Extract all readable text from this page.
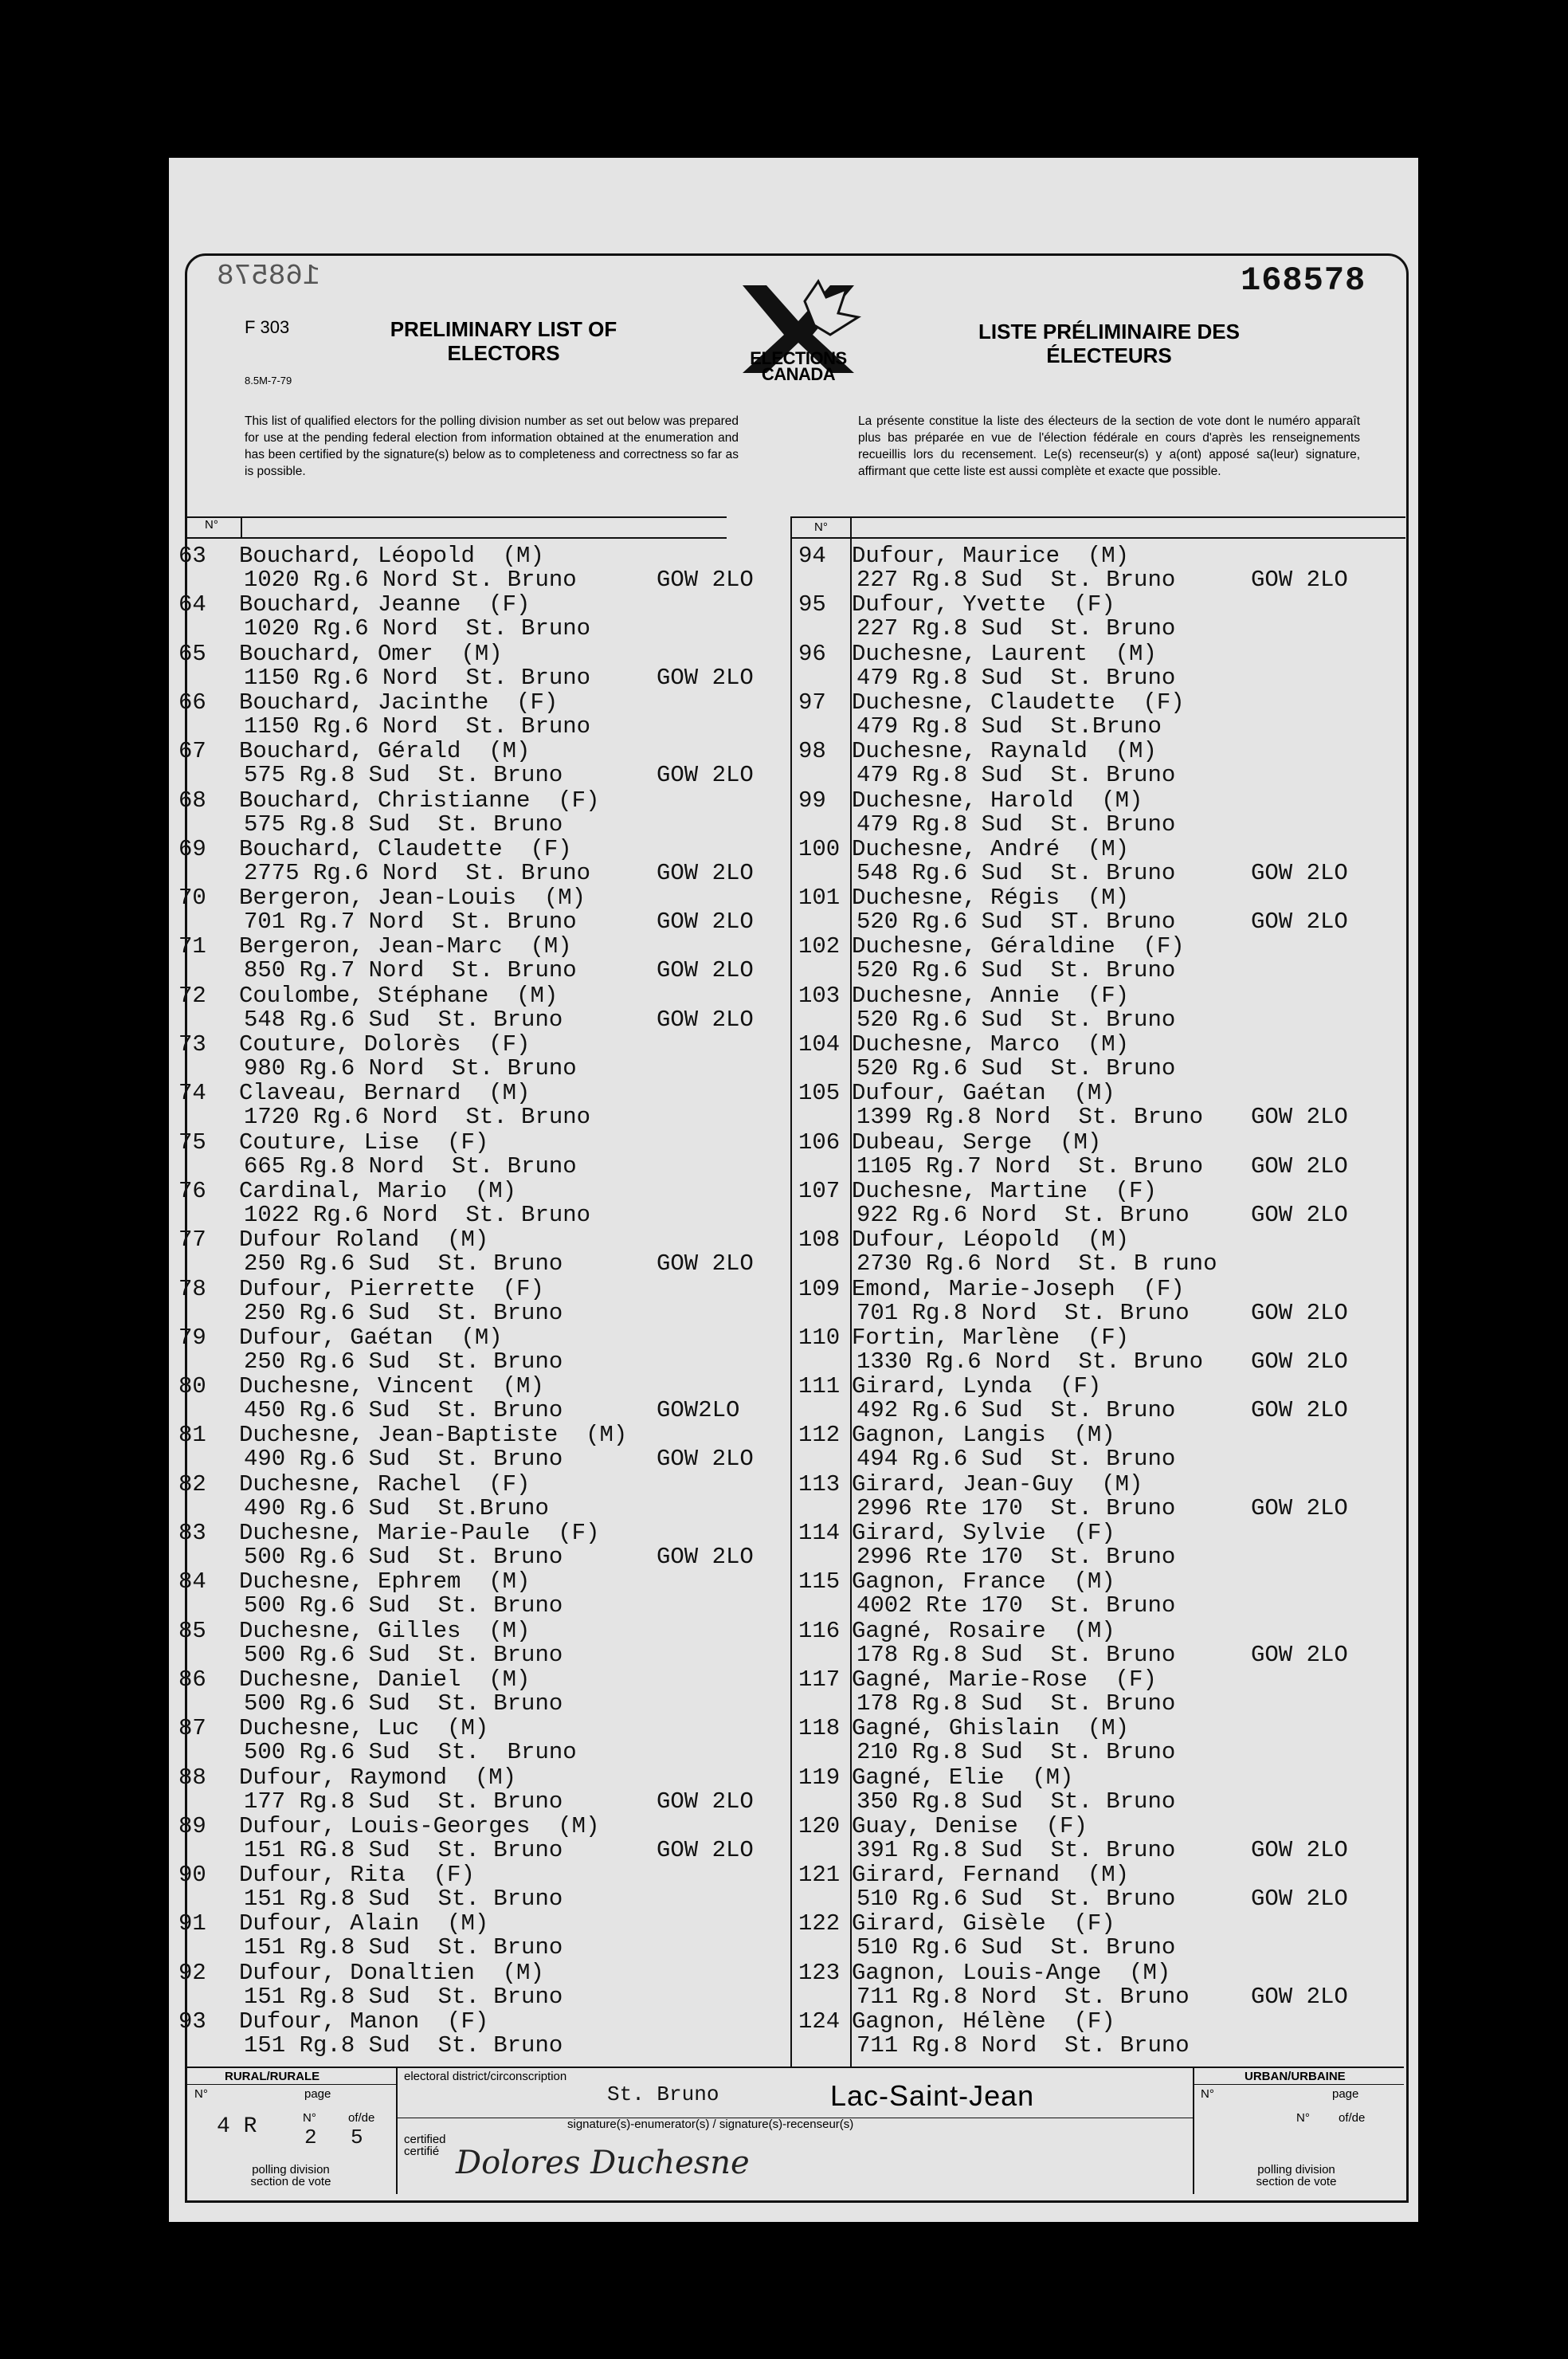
168578	168578
F 303
8.5M-7-79
PRELIMINARY LIST OF ELECTORS
LISTE PRÉLIMINAIRE DES ÉLECTEURS
ELECTIONS
CANADA
This list of qualified electors for the polling division number as set out below was prepared for use at the pending federal election from information obtained at the enumeration and has been certified by the signature(s) below as to completeness and correctness so far as is possible.
La présente constitue la liste des électeurs de la section de vote dont le numéro apparaît plus bas préparée en vue de l'élection fédérale en cours d'après les renseignements recueillis lors du recensement. Le(s) recenseur(s) y a(ont) apposé sa(leur) signature, affirmant que cette liste est aussi complète et exacte que possible.
N°	N°
63 Bouchard, Léopold  (M)
1020 Rg.6 Nord St. Bruno	GOW 2LO
64 Bouchard, Jeanne  (F)
1020 Rg.6 Nord  St. Bruno
65 Bouchard, Omer  (M)
1150 Rg.6 Nord  St. Bruno	GOW 2LO
66 Bouchard, Jacinthe  (F)
1150 Rg.6 Nord  St. Bruno
67 Bouchard, Gérald  (M)
575 Rg.8 Sud  St. Bruno	GOW 2LO
68 Bouchard, Christianne  (F)
575 Rg.8 Sud  St. Bruno
69 Bouchard, Claudette  (F)
2775 Rg.6 Nord  St. Bruno	GOW 2LO
70 Bergeron, Jean-Louis  (M)
701 Rg.7 Nord  St. Bruno	GOW 2LO
71 Bergeron, Jean-Marc  (M)
850 Rg.7 Nord  St. Bruno	GOW 2LO
72 Coulombe, Stéphane  (M)
548 Rg.6 Sud  St. Bruno	GOW 2LO
73 Couture, Dolorès  (F)
980 Rg.6 Nord  St. Bruno
74 Claveau, Bernard  (M)
1720 Rg.6 Nord  St. Bruno
75 Couture, Lise  (F)
665 Rg.8 Nord  St. Bruno
76 Cardinal, Mario  (M)
1022 Rg.6 Nord  St. Bruno
77 Dufour Roland  (M)
250 Rg.6 Sud  St. Bruno	GOW 2LO
78 Dufour, Pierrette  (F)
250 Rg.6 Sud  St. Bruno
79 Dufour, Gaétan  (M)
250 Rg.6 Sud  St. Bruno
80 Duchesne, Vincent  (M)
450 Rg.6 Sud  St. Bruno	GOW2LO
81 Duchesne, Jean-Baptiste  (M)
490 Rg.6 Sud  St. Bruno	GOW 2LO
82 Duchesne, Rachel  (F)
490 Rg.6 Sud  St.Bruno
83 Duchesne, Marie-Paule  (F)
500 Rg.6 Sud  St. Bruno	GOW 2LO
84 Duchesne, Ephrem  (M)
500 Rg.6 Sud  St. Bruno
85 Duchesne, Gilles  (M)
500 Rg.6 Sud  St. Bruno
86 Duchesne, Daniel  (M)
500 Rg.6 Sud  St. Bruno
87 Duchesne, Luc  (M)
500 Rg.6 Sud  St.  Bruno
88 Dufour, Raymond  (M)
177 Rg.8 Sud  St. Bruno	GOW 2LO
89 Dufour, Louis-Georges  (M)
151 RG.8 Sud  St. Bruno	GOW 2LO
90 Dufour, Rita  (F)
151 Rg.8 Sud  St. Bruno
91 Dufour, Alain  (M)
151 Rg.8 Sud  St. Bruno
92 Dufour, Donaltien  (M)
151 Rg.8 Sud  St. Bruno
93 Dufour, Manon  (F)
151 Rg.8 Sud  St. Bruno
94 Dufour, Maurice  (M)
227 Rg.8 Sud  St. Bruno	GOW 2LO
95 Dufour, Yvette  (F)
227 Rg.8 Sud  St. Bruno
96 Duchesne, Laurent  (M)
479 Rg.8 Sud  St. Bruno
97 Duchesne, Claudette  (F)
479 Rg.8 Sud  St.Bruno
98 Duchesne, Raynald  (M)
479 Rg.8 Sud  St. Bruno
99 Duchesne, Harold  (M)
479 Rg.8 Sud  St. Bruno
100 Duchesne, André  (M)
548 Rg.6 Sud  St. Bruno	GOW 2LO
101 Duchesne, Régis  (M)
520 Rg.6 Sud  ST. Bruno	GOW 2LO
102 Duchesne, Géraldine  (F)
520 Rg.6 Sud  St. Bruno
103 Duchesne, Annie  (F)
520 Rg.6 Sud  St. Bruno
104 Duchesne, Marco  (M)
520 Rg.6 Sud  St. Bruno
105 Dufour, Gaétan  (M)
1399 Rg.8 Nord  St. Bruno GOW 2LO
106 Dubeau, Serge  (M)
1105 Rg.7 Nord  St. Bruno GOW 2LO
107 Duchesne, Martine  (F)
922 Rg.6 Nord  St. Bruno	GOW 2LO
108 Dufour, Léopold  (M)
2730 Rg.6 Nord  St. B runo
109 Emond, Marie-Joseph  (F)
701 Rg.8 Nord  St. Bruno	GOW 2LO
110 Fortin, Marlène  (F)
1330 Rg.6 Nord  St. Bruno GOW 2LO
111 Girard, Lynda  (F)
492 Rg.6 Sud  St. Bruno	GOW 2LO
112 Gagnon, Langis  (M)
494 Rg.6 Sud  St. Bruno
113 Girard, Jean-Guy  (M)
2996 Rte 170  St. Bruno	GOW 2LO
114 Girard, Sylvie  (F)
2996 Rte 170  St. Bruno
115 Gagnon, France  (M)
4002 Rte 170  St. Bruno
116 Gagné, Rosaire  (M)
178 Rg.8 Sud  St. Bruno	GOW 2LO
117 Gagné, Marie-Rose  (F)
178 Rg.8 Sud  St. Bruno
118 Gagné, Ghislain  (M)
210 Rg.8 Sud  St. Bruno
119 Gagné, Elie  (M)
350 Rg.8 Sud  St. Bruno
120 Guay, Denise  (F)
391 Rg.8 Sud  St. Bruno	GOW 2LO
121 Girard, Fernand  (M)
510 Rg.6 Sud  St. Bruno	GOW 2LO
122 Girard, Gisèle  (F)
510 Rg.6 Sud  St. Bruno
123 Gagnon, Louis-Ange  (M)
711 Rg.8 Nord  St. Bruno	GOW 2LO
124 Gagnon, Hélène  (F)
711 Rg.8 Nord  St. Bruno
RURAL/RURALE
N°	page
4 R	N°
2
of/de
5
polling division
section de vote
electoral district/circonscription
St. Bruno	Lac-Saint-Jean
signature(s)-enumerator(s) / signature(s)-recenseur(s)
certified
certifié Dolores Duchesne
URBAN/URBAINE
N°	page
N° of/de
polling division
section de vote
